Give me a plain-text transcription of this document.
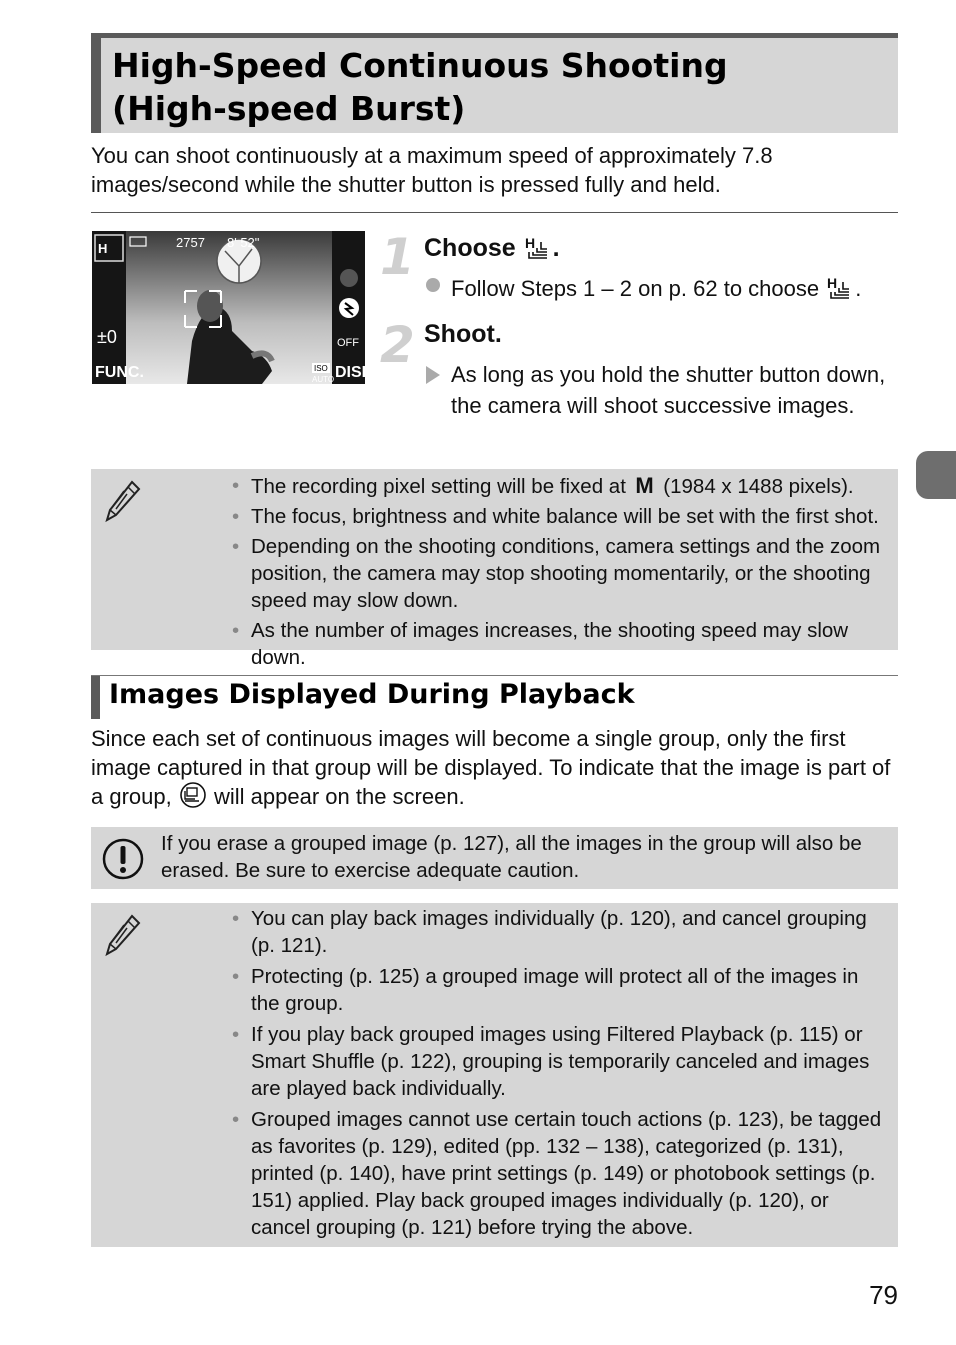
High-Speed Continuous Shooting
(High-speed Burst)

You can shoot continuously at a maximum speed of approximately 7.8 images/second while the shutter button is pressed fully and held.

H
±0
FUNC.
OFF
DISP.
ISO
AUTO
2757 8' 52" 1 Choose H .
Follow Steps 1 – 2 on p. 62 to choose H .
2 Shoot.
As long as you hold the shutter button down, the camera will shoot successive images.
• The recording pixel setting will be fixed at M (1984 x 1488 pixels).
• The focus, brightness and white balance will be set with the first shot.
• Depending on the shooting conditions, camera settings and the zoom position, the camera may stop shooting momentarily, or the shooting speed may slow down.
• As the number of images increases, the shooting speed may slow down.
Images Displayed During Playback

Since each set of continuous images will become a single group, only the first image captured in that group will be displayed. To indicate that the image is part of a group, will appear on the screen.

If you erase a grouped image (p. 127), all the images in the group will also be erased. Be sure to exercise adequate caution.
• You can play back images individually (p. 120), and cancel grouping (p. 121).
• Protecting (p. 125) a grouped image will protect all of the images in the group.
• If you play back grouped images using Filtered Playback (p. 115) or Smart Shuffle (p. 122), grouping is temporarily canceled and images are played back individually.
• Grouped images cannot use certain touch actions (p. 123), be tagged as favorites (p. 129), edited (pp. 132 – 138), categorized (p. 131), printed (p. 140), have print settings (p. 149) or photobook settings (p. 151) applied. Play back grouped images individually (p. 120), or cancel grouping (p. 121) before trying the above.
79
